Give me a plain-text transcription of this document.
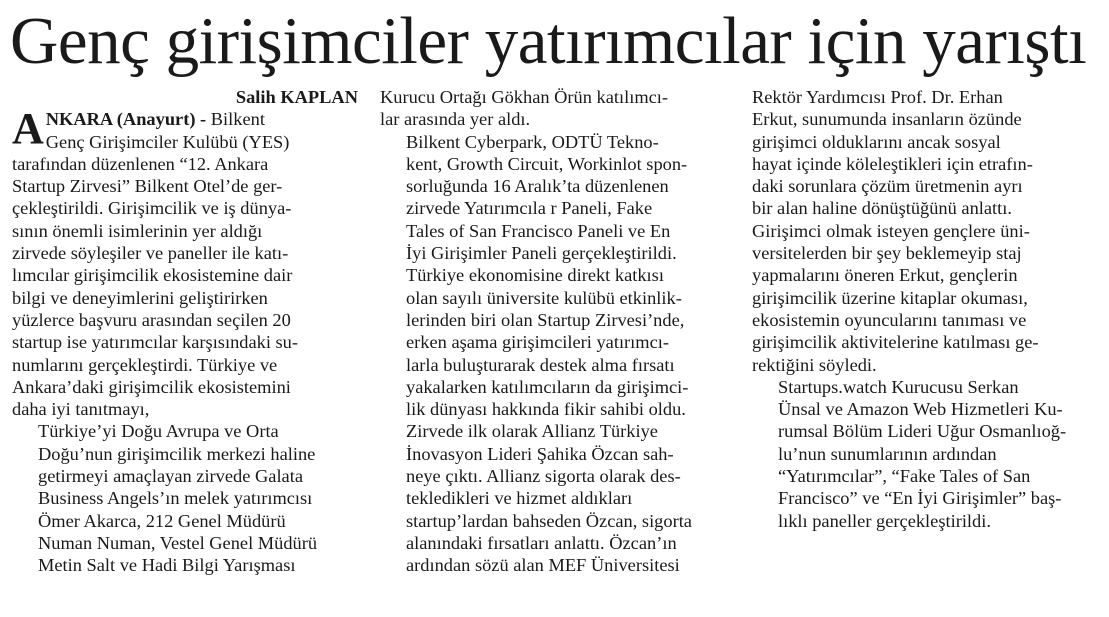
Genç girişimciler yatırımcılar için yarıştı
Salih KAPLAN
A NKARA (Anayurt) - Bilkent
Genç Girişimciler Kulübü (YES)

tarafından düzenlenen “12. Ankara
Startup Zirvesi” Bilkent Otel’de ger-
çekleştirildi. Girişimcilik ve iş dünya-
sının önemli isimlerinin yer aldığı
zirvede söyleşiler ve paneller ile katı-
lımcılar girişimcilik ekosistemine dair
bilgi ve deneyimlerini geliştirirken
yüzlerce başvuru arasından seçilen 20
startup ise yatırımcılar karşısındaki su-
numlarını gerçekleştirdi. Türkiye ve
Ankara’daki girişimcilik ekosistemini
daha iyi tanıtmayı,

Türkiye’yi Doğu Avrupa ve Orta
Doğu’nun girişimcilik merkezi haline
getirmeyi amaçlayan zirvede Galata
Business Angels’ın melek yatırımcısı
Ömer Akarca, 212 Genel Müdürü
Numan Numan, Vestel Genel Müdürü
Metin Salt ve Hadi Bilgi Yarışması

Kurucu Ortağı Gökhan Örün katılımcı-
lar arasında yer aldı.

Bilkent Cyberpark, ODTÜ Tekno-
kent, Growth Circuit, Workinlot spon-
sorluğunda 16 Aralık’ta düzenlenen
zirvede Yatırımcıla r Paneli, Fake
Tales of San Francisco Paneli ve En
İyi Girişimler Paneli gerçekleştirildi.
Türkiye ekonomisine direkt katkısı
olan sayılı üniversite kulübü etkinlik-
lerinden biri olan Startup Zirvesi’nde,
erken aşama girişimcileri yatırımcı-
larla buluşturarak destek alma fırsatı
yakalarken katılımcıların da girişimci-
lik dünyası hakkında fikir sahibi oldu.

Zirvede ilk olarak Allianz Türkiye
İnovasyon Lideri Şahika Özcan sah-
neye çıktı. Allianz sigorta olarak des-
tekledikleri ve hizmet aldıkları
startup’lardan bahseden Özcan, sigorta
alanındaki fırsatları anlattı. Özcan’ın
ardından sözü alan MEF Üniversitesi

Rektör Yardımcısı Prof. Dr. Erhan
Erkut, sunumunda insanların özünde
girişimci olduklarını ancak sosyal
hayat içinde köleleştikleri için etrafın-
daki sorunlara çözüm üretmenin ayrı
bir alan haline dönüştüğünü anlattı.
Girişimci olmak isteyen gençlere üni-
versitelerden bir şey beklemeyip staj
yapmalarını öneren Erkut, gençlerin
girişimcilik üzerine kitaplar okuması,
ekosistemin oyuncularını tanıması ve
girişimcilik aktivitelerine katılması ge-
rektiğini söyledi.

Startups.watch Kurucusu Serkan
Ünsal ve Amazon Web Hizmetleri Ku-
rumsal Bölüm Lideri Uğur Osmanlıoğ-
lu’nun sunumlarının ardından
“Yatırımcılar”, “Fake Tales of San
Francisco” ve “En İyi Girişimler” baş-
lıklı paneller gerçekleştirildi.
